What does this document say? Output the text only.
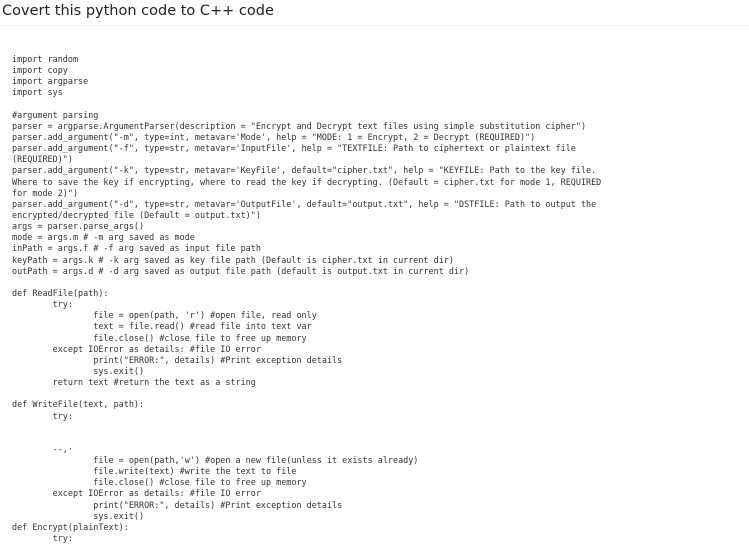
Covert this python code to C++ code
import random
import copy
import argparse
import sys
#argument parsing
parser = argparse.ArgumentParser(description = "Encrypt and Decrypt text files using simple substitution cipher")
parser.add_argument("-m", type=int, metavar='Mode', help = "MODE: 1 = Encrypt, 2 = Decrypt (REQUIRED)")
parser.add_argument("-f", type=str, metavar='InputFile', help = "TEXTFILE: Path to ciphertext or plaintext file
(REQUIRED)")
parser.add_argument("-k", type=str, metavar='KeyFile', default="cipher.txt", help = "KEYFILE: Path to the key file.
Where to save the key if encrypting, where to read the key if decrypting. (Default = cipher.txt for mode 1, REQUIRED
for mode 2)")
parser.add_argument("-d", type=str, metavar='OutputFile', default="output.txt", help = "DSTFILE: Path to output the
encrypted/decrypted file (Default = output.txt)")
args = parser.parse_args()
mode = args.m # -m arg saved as mode
inPath = args.f # -f arg saved as input file path
keyPath = args.k # -k arg saved as key file path (Default is cipher.txt in current dir)
outPath = args.d # -d arg saved as output file path (default is output.txt in current dir)
def ReadFile(path):
try:
file = open(path, 'r') #open file, read only
text = file.read() #read file into text var
file.close() #close file to free up memory
except IOError as details: #file IO error
print("ERROR:", details) #Print exception details
sys.exit()
return text #return the text as a string
def WriteFile(text, path):
try:
--,·
file = open(path,'w') #open a new file(unless it exists already)
file.write(text) #write the text to file
file.close() #close file to free up memory
except IOError as details: #file IO error
print("ERROR:", details) #Print exception details
sys.exit()
def Encrypt(plainText):
try:
